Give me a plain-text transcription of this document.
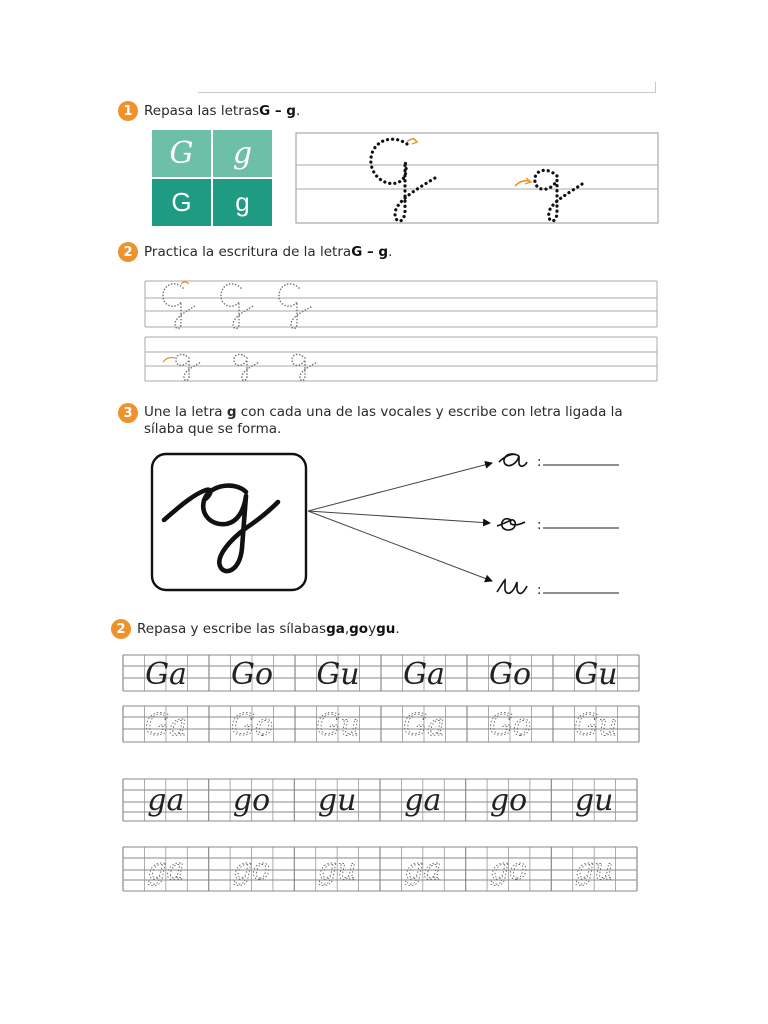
1 Repasa las letras G – g .
G g
G g
2 Practica la escritura de la letra G – g .
3 Une la letra g con cada una de las vocales y escribe con letra ligada la sílaba que se forma.
:
:
:
2 Repasa y escribe las sílabas ga , go y gu .
Ga Go Gu Ga Go Gu
Ga Go Gu Ga Go Gu
ga go gu ga go gu
ga go gu ga go gu
